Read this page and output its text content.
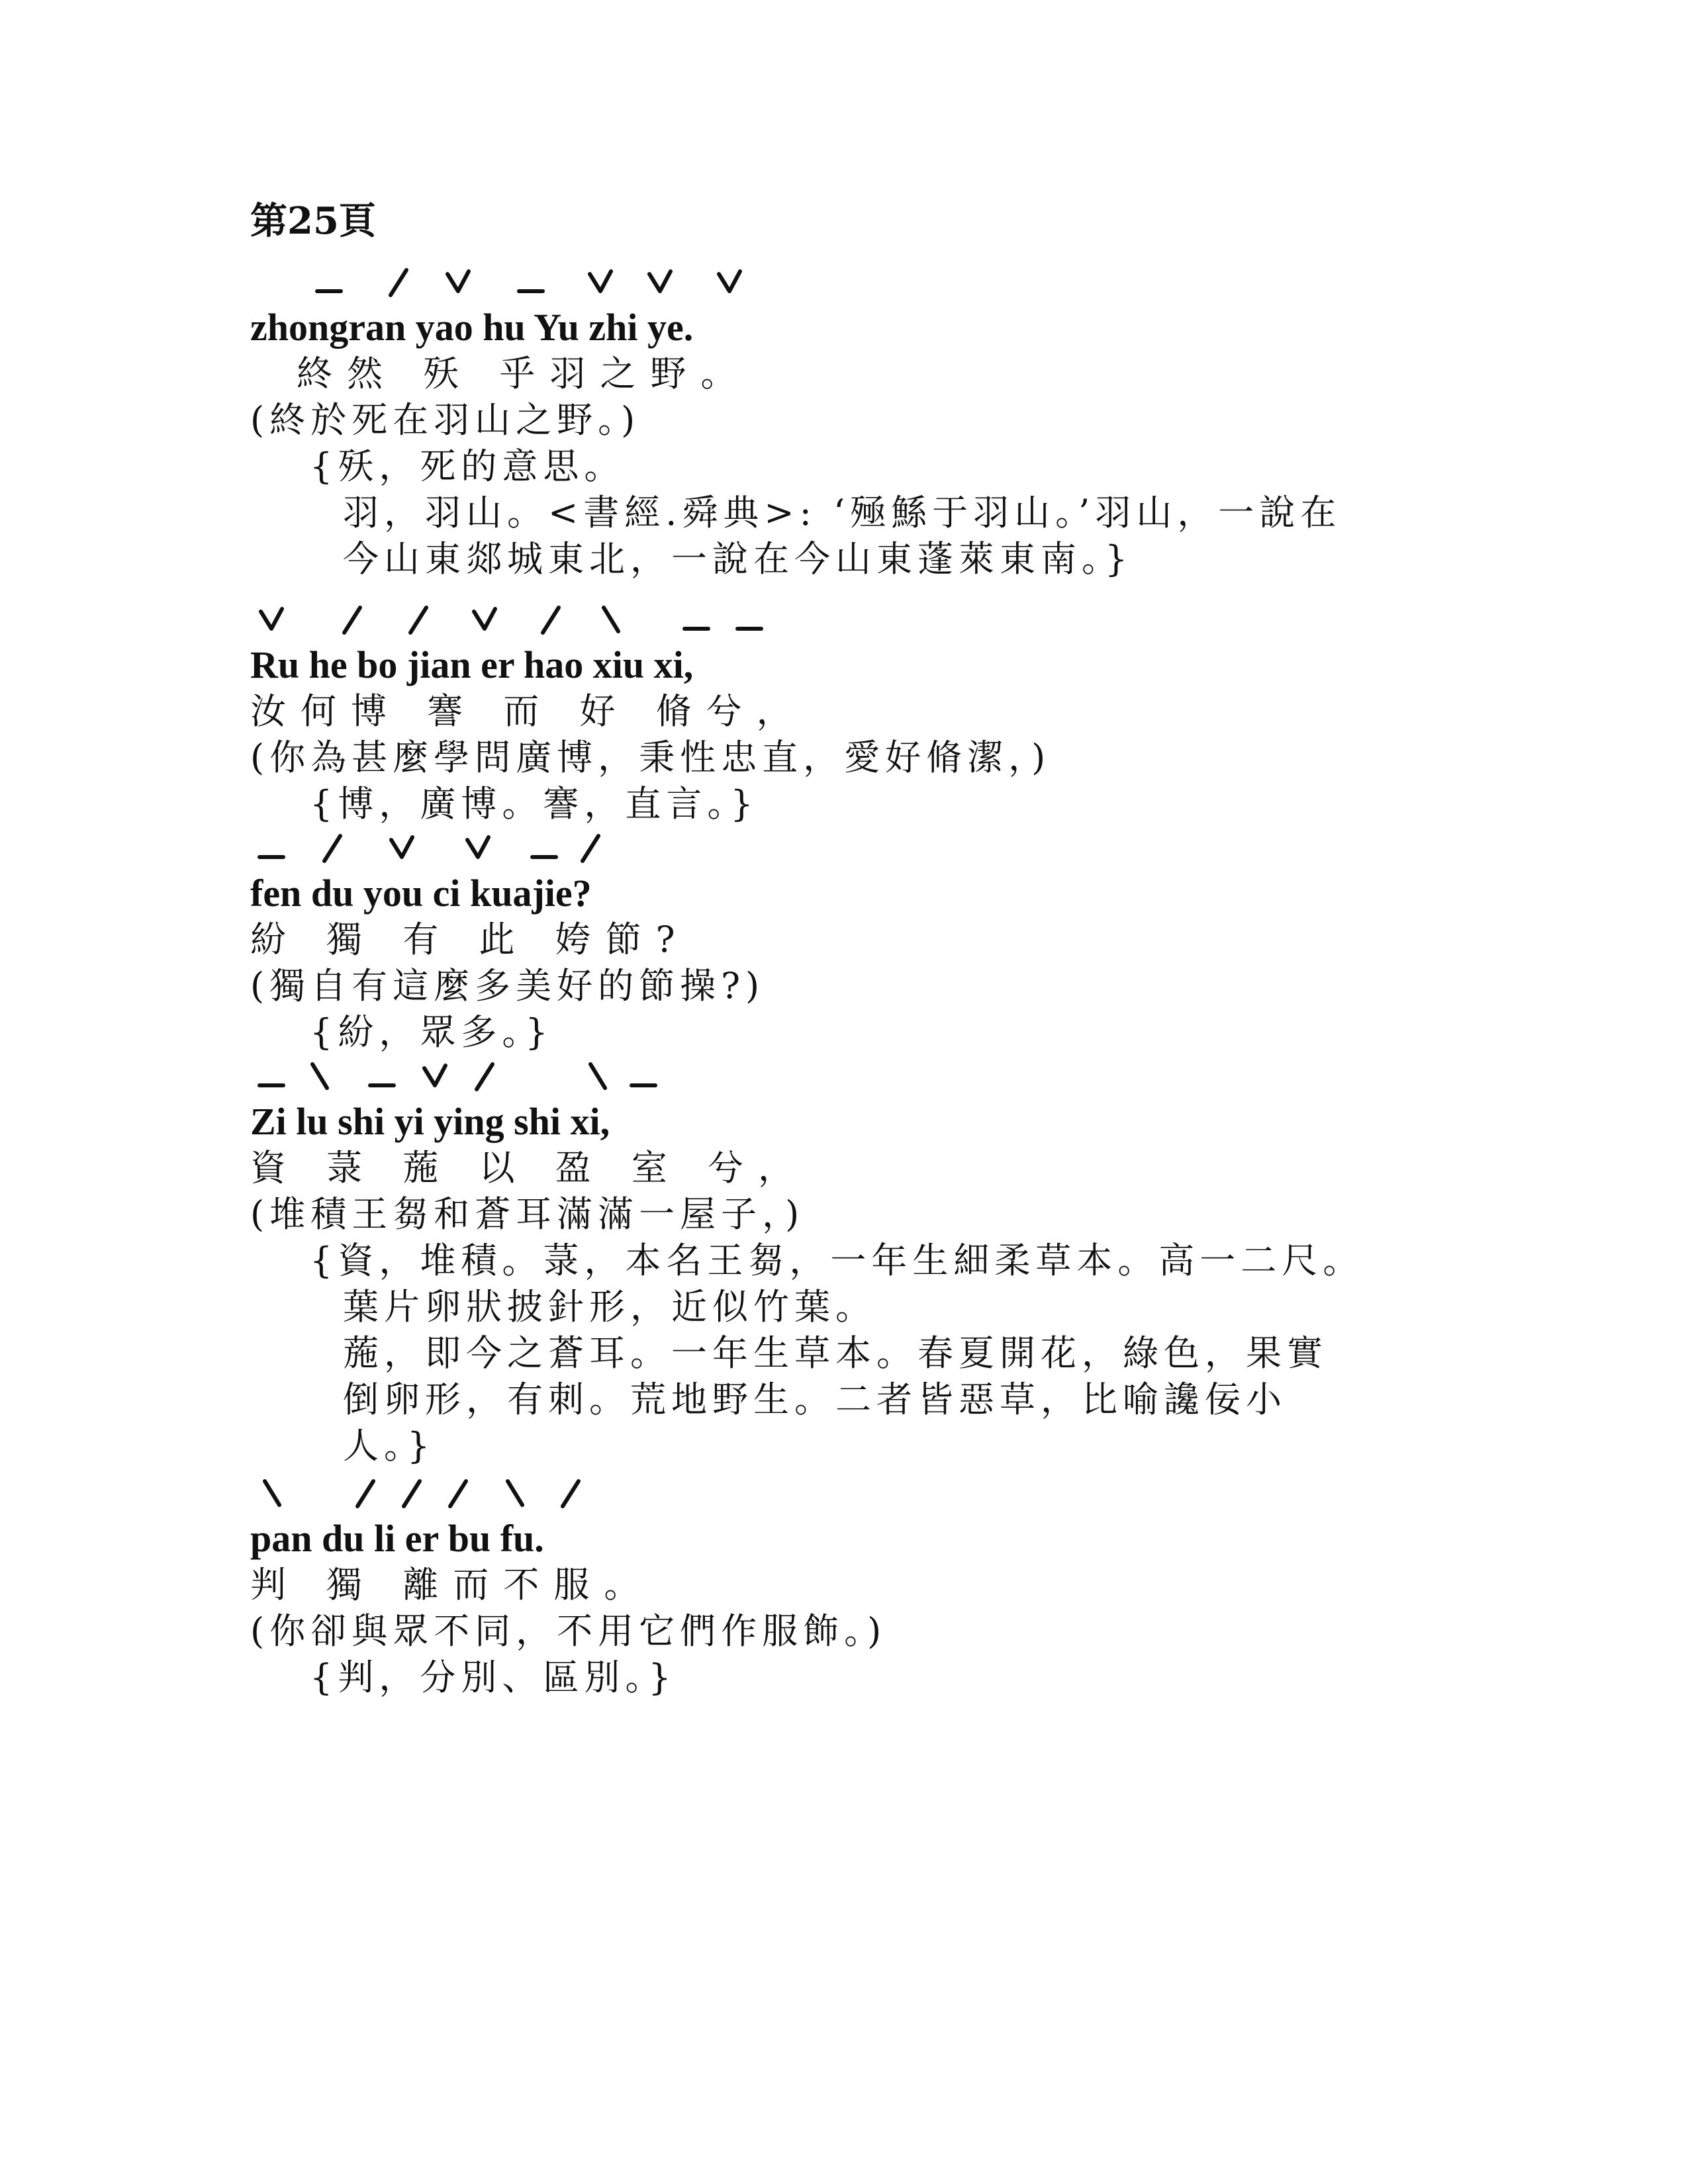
第25頁
zhongran yao hu Yu zhi ye.
終然 殀 乎羽之野。
(終於死在羽山之野。)
{殀，死的意思。
羽，羽山。<書經.舜典>: ‘殛鯀于羽山。’羽山，一說在
今山東郯城東北，一說在今山東蓬萊東南。}
Ru he bo jian er hao xiu xi,
汝何博 謇 而 好 脩兮，
(你為甚麼學問廣博，秉性忠直，愛好脩潔，)
{博，廣博。謇，直言。}
fen du you ci kuajie?
紛 獨 有 此 姱節?
(獨自有這麼多美好的節操?)
{紛，眾多。}
Zi lu shi yi ying shi xi,
資 菉 葹 以 盈 室 兮，
(堆積王芻和蒼耳滿滿一屋子，)
{資，堆積。菉，本名王芻，一年生細柔草本。高一二尺。
葉片卵狀披針形，近似竹葉。
葹，即今之蒼耳。一年生草本。春夏開花，綠色，果實
倒卵形，有刺。荒地野生。二者皆惡草，比喻讒佞小
人。}
pan du li er bu fu.
判 獨 離而不服。
(你卻與眾不同，不用它們作服飾。)
{判，分別、區別。}
